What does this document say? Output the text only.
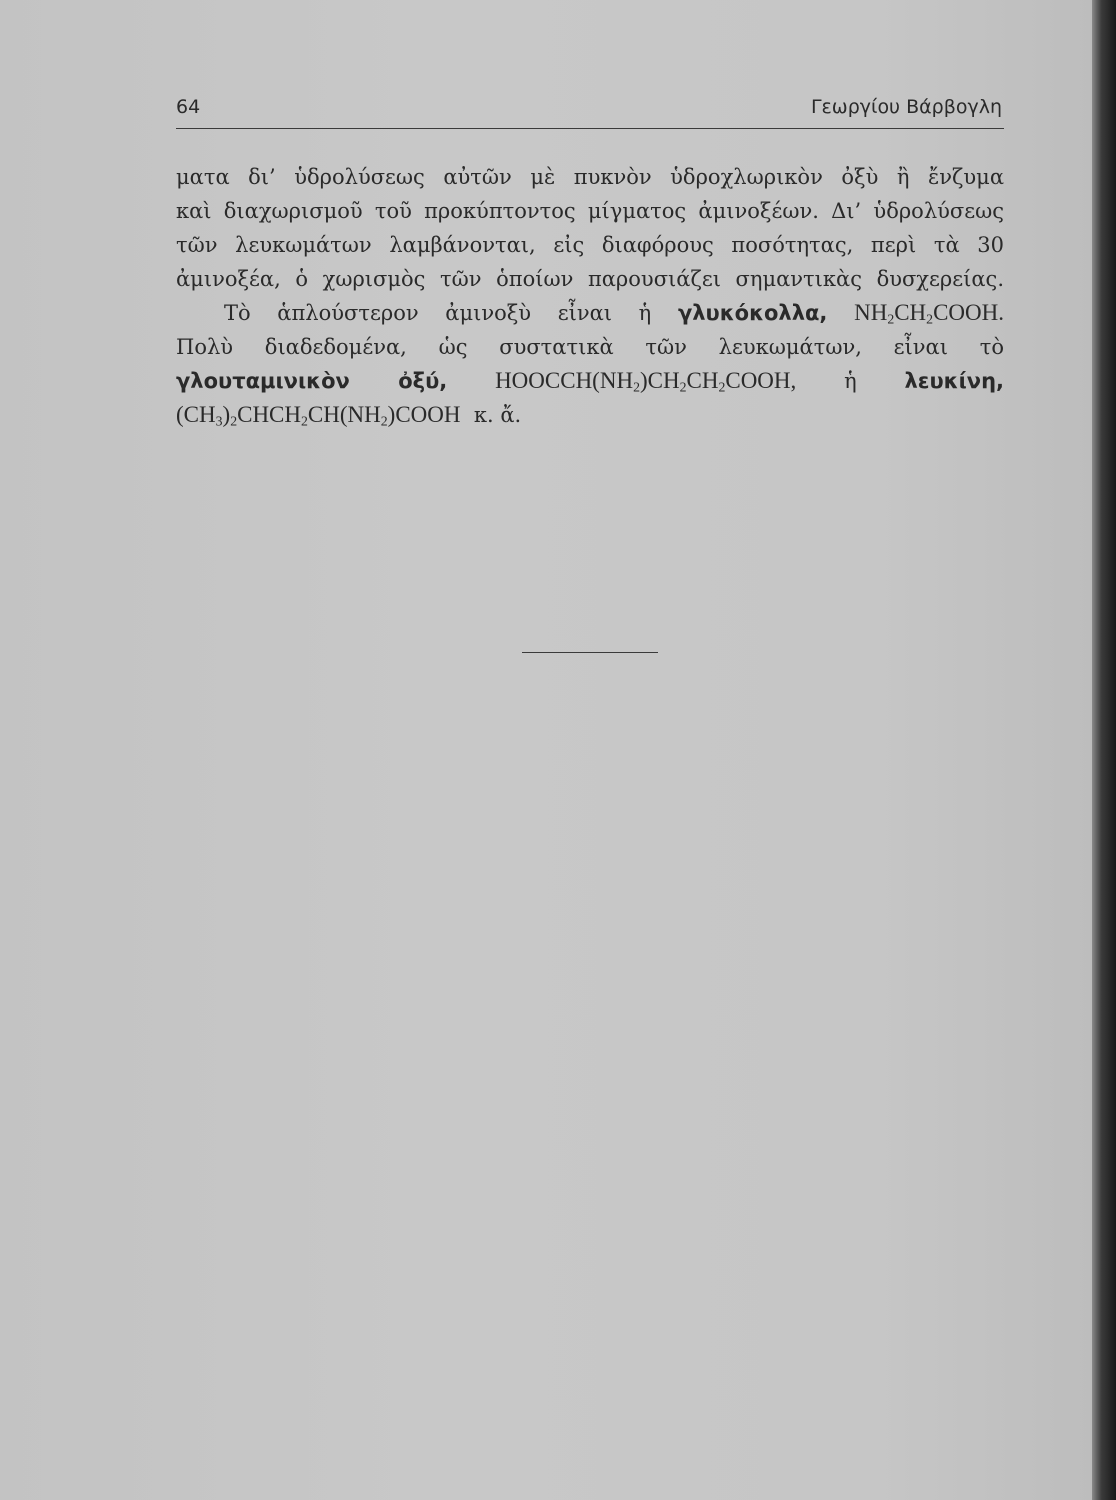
64	Γεωργίου Βάρβογλη
ματα δι’ ὑδρολύσεως αὐτῶν μὲ πυκνὸν ὑδροχλωρικὸν ὀξὺ ἢ ἔνζυμα
καὶ διαχωρισμοῦ τοῦ προκύπτοντος μίγματος ἀμινοξέων. Δι’ ὑδρολύσεως
τῶν λευκωμάτων λαμβάνονται, εἰς διαφόρους ποσότητας, περὶ τὰ 30
ἀμινοξέα, ὁ χωρισμὸς τῶν ὁποίων παρουσιάζει σημαντικὰς δυσχερείας.
Τὸ ἁπλούστερον ἀμινοξὺ εἶναι ἡ γλυκόκολλα, $NH_2CH_2COOH$.
Πολὺ διαδεδομένα, ὡς συστατικὰ τῶν λευκωμάτων, εἶναι τὸ
γλουταμινικὸν ὀξύ, $HOOCCH(NH_2)CH_2CH_2COOH$, ἡ λευκίνη,
$(CH_3)_2CHCH_2CH(NH_2)COOH$ κ. ἄ.
